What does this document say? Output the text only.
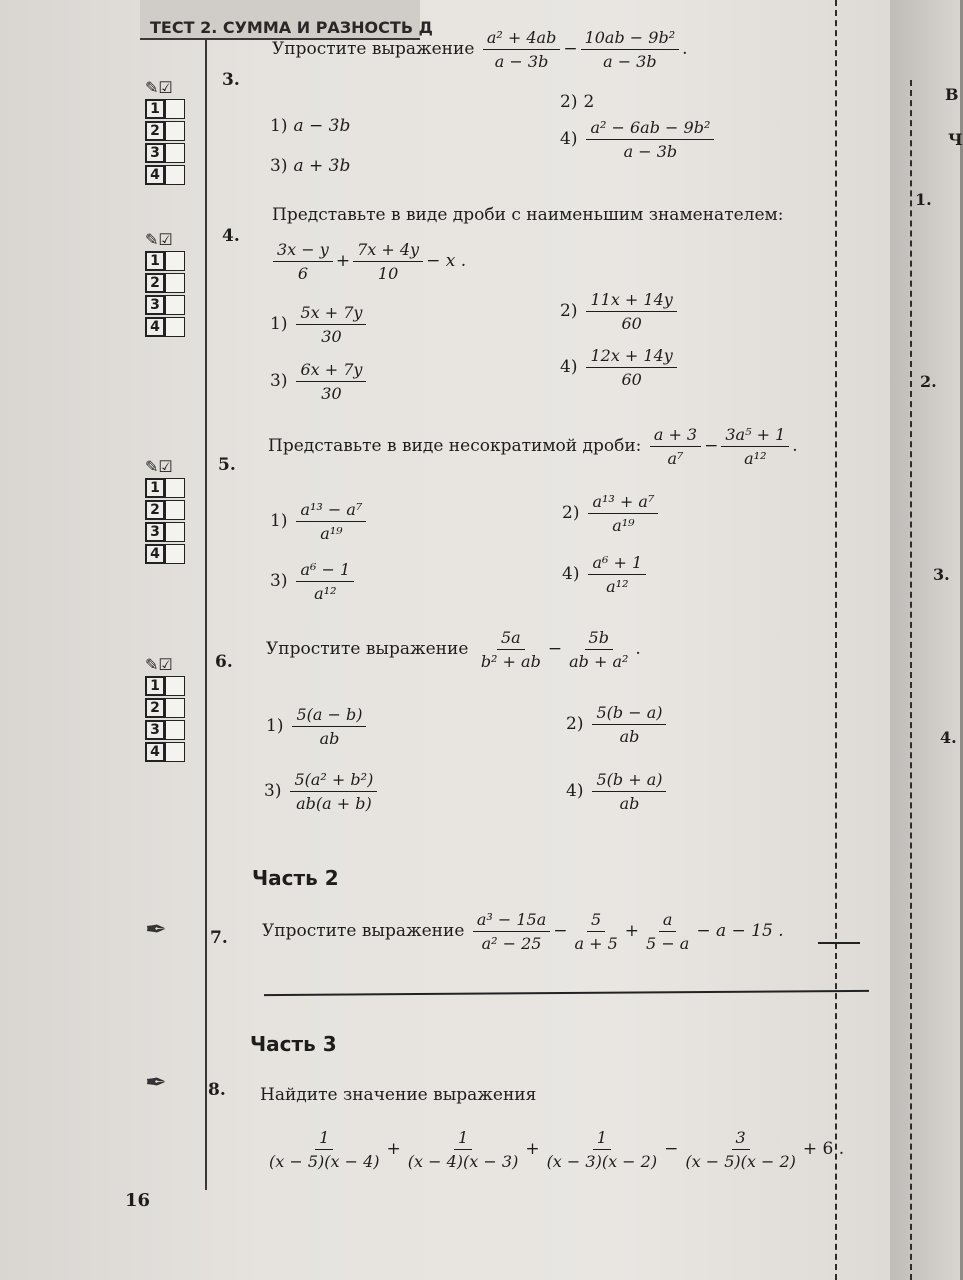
ТЕСТ 2. СУММА И РАЗНОСТЬ Д
В
Ч
1.
2.
3.
4.
✎☑
1
2
3
4
✎☑
1
2
3
4
✎☑
1
2
3
4
✎☑
1
2
3
4
3.
Упростите выражение $\frac{\text{a² + 4ab}}{a - 3b} - \frac{\text{10ab − 9b²}}{a - 3b}$ .
1) a − 3b
2) 2
3) a + 3b
$4) \frac{\text{a² − 6ab − 9b²}}{a - 3b}$
4.
Представьте в виде дроби с наименьшим знаменателем:
$\frac{3x - y}{6} + \frac{7x + 4y}{10} - x$ .
$1) \frac{5x + 7y}{30}$	$2) \frac{11x + 14y}{60}$
$3) \frac{6x + 7y}{30}$	$4) \frac{12x + 14y}{60}$
5.
Представьте в виде несократимой дроби: $\frac{a + 3}{\text{a⁷}} - \frac{\text{3a⁵ + 1}}{\text{a¹²}}$ .
$1) \frac{\text{a¹³ − a⁷}}{\text{a¹⁹}}$	$2) \frac{\text{a¹³ + a⁷}}{\text{a¹⁹}}$
$3) \frac{\text{a⁶ − 1}}{\text{a¹²}}$	$4) \frac{\text{a⁶ + 1}}{\text{a¹²}}$
6.
Упростите выражение $\frac{5a}{\text{b² + ab}} - \frac{5b}{\text{ab + a²}}$ .
$1) \frac{5(a - b)}{ab}$	$2) \frac{5(b - a)}{ab}$
$3) \frac{\text{5(a² + b²)}}{ab(a + b)}$	$4) \frac{5(b + a)}{ab}$
Часть 2
✒	7. Упростите выражение $\frac{\text{a³ − 15a}}{\text{a² − 25}} - \frac{5}{a + 5} + \frac{a}{5 - a} - a - 15$ .
Часть 3
✒ 8. Найдите значение выражения
$\frac{1}{(x - 5)(x - 4)} + \frac{1}{(x - 4)(x - 3)} + \frac{1}{(x - 3)(x - 2)} - \frac{3}{(x - 5)(x - 2)} + 6$ .
16
